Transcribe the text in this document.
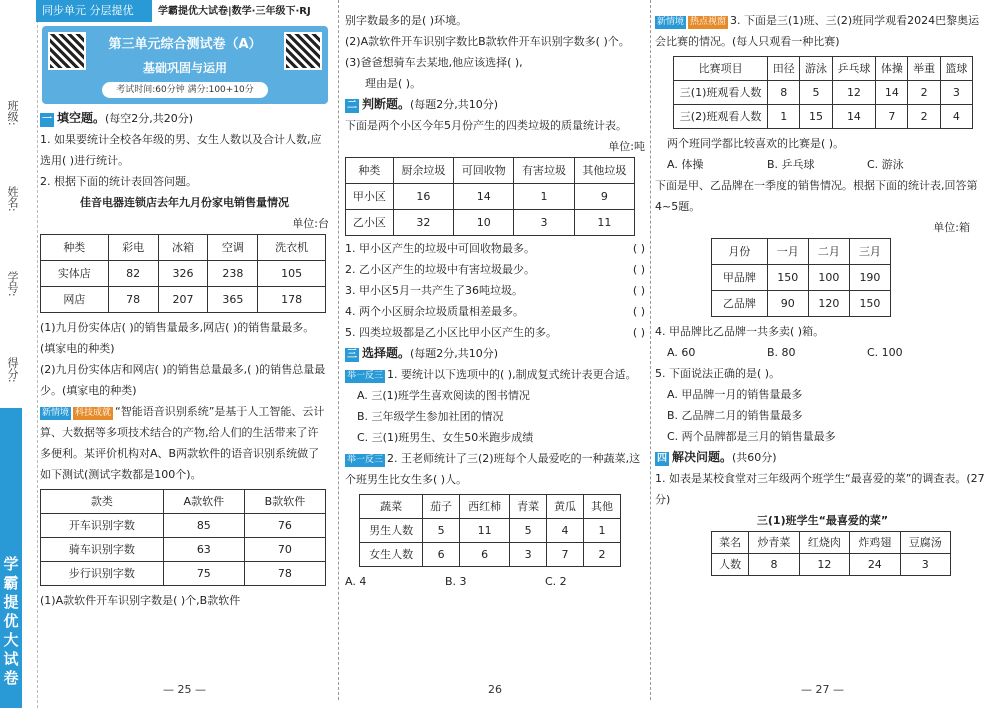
班级:
姓名:
学号:
得分:
学霸提优大试卷
同步单元 分层提优 学霸提优大试卷|数学·三年级下·RJ
第三单元综合测试卷（A）
基础巩固与运用
考试时间:60分钟 满分:100+10分

一 填空题。(每空2分,共20分)

1. 如果要统计全校各年级的男、女生人数以及合计人数,应选用( )进行统计。

2. 根据下面的统计表回答问题。

佳音电器连锁店去年九月份家电销售量情况

单位:台

种类	彩电	冰箱	空调	洗衣机
实体店	82	326	238	105
网店	78	207	365	178

(1)九月份实体店( )的销售量最多,网店( )的销售量最多。(填家电的种类)

(2)九月份实体店和网店( )的销售总量最多,( )的销售总量最少。(填家电的种类)

新情境 科技成就 “智能语音识别系统”是基于人工智能、云计算、大数据等多项技术结合的产物,给人们的生活带来了许多便利。某评价机构对A、B两款软件的语音识别系统做了如下测试(测试字数都是100个)。

款类	A款软件	B款软件
开车识别字数	85	76
骑车识别字数	63	70
步行识别字数	75	78

(1)A款软件开车识别字数是( )个,B款软件

— 25 —

别字数最多的是( )环境。

(2)A款软件开车识别字数比B款软件开车识别字数多( )个。

(3)爸爸想骑车去某地,他应该选择( ),

理由是( )。

二 判断题。(每题2分,共10分)

下面是两个小区今年5月份产生的四类垃圾的质量统计表。

单位:吨

种类	厨余垃圾	可回收物	有害垃圾	其他垃圾
甲小区	16	14	1	9
乙小区	32	10	3	11

1. 甲小区产生的垃圾中可回收物最多。	( )

2. 乙小区产生的垃圾中有害垃圾最少。	( )

3. 甲小区5月一共产生了36吨垃圾。	( )

4. 两个小区厨余垃圾质量相差最多。	( )

5. 四类垃圾都是乙小区比甲小区产生的多。	( )

三 选择题。(每题2分,共10分)

举一反三 1. 要统计以下选项中的( ),制成复式统计表更合适。

A. 三(1)班学生喜欢阅读的图书情况

B. 三年级学生参加社团的情况

C. 三(1)班男生、女生50米跑步成绩

举一反三 2. 王老师统计了三(2)班每个人最爱吃的一种蔬菜,这个班男生比女生多( )人。

蔬菜	茄子	西红柿	青菜	黄瓜	其他
男生人数	5	11	5	4	1
女生人数	6	6	3	7	2

A. 4	B. 3	C. 2

26

新情境 热点视窗 3. 下面是三(1)班、三(2)班同学观看2024巴黎奥运会比赛的情况。(每人只观看一种比赛)

比赛项目	田径	游泳	乒乓球	体操	举重	篮球
三(1)班观看人数	8	5	12	14	2	3
三(2)班观看人数	1	15	14	7	2	4

两个班同学都比较喜欢的比赛是( )。

A. 体操	B. 乒乓球	C. 游泳

下面是甲、乙品牌在一季度的销售情况。根据下面的统计表,回答第4~5题。

单位:箱

月份	一月	二月	三月
甲品牌	150	100	190
乙品牌	90	120	150

4. 甲品牌比乙品牌一共多卖( )箱。

A. 60	B. 80	C. 100

5. 下面说法正确的是( )。

A. 甲品牌一月的销售量最多

B. 乙品牌二月的销售量最多

C. 两个品牌都是三月的销售量最多

四 解决问题。(共60分)

1. 如表是某校食堂对三年级两个班学生“最喜爱的菜”的调查表。(27分)

三(1)班学生“最喜爱的菜”

菜名	炒青菜	红烧肉	炸鸡翅	豆腐汤
人数	8	12	24	3
— 27 —
